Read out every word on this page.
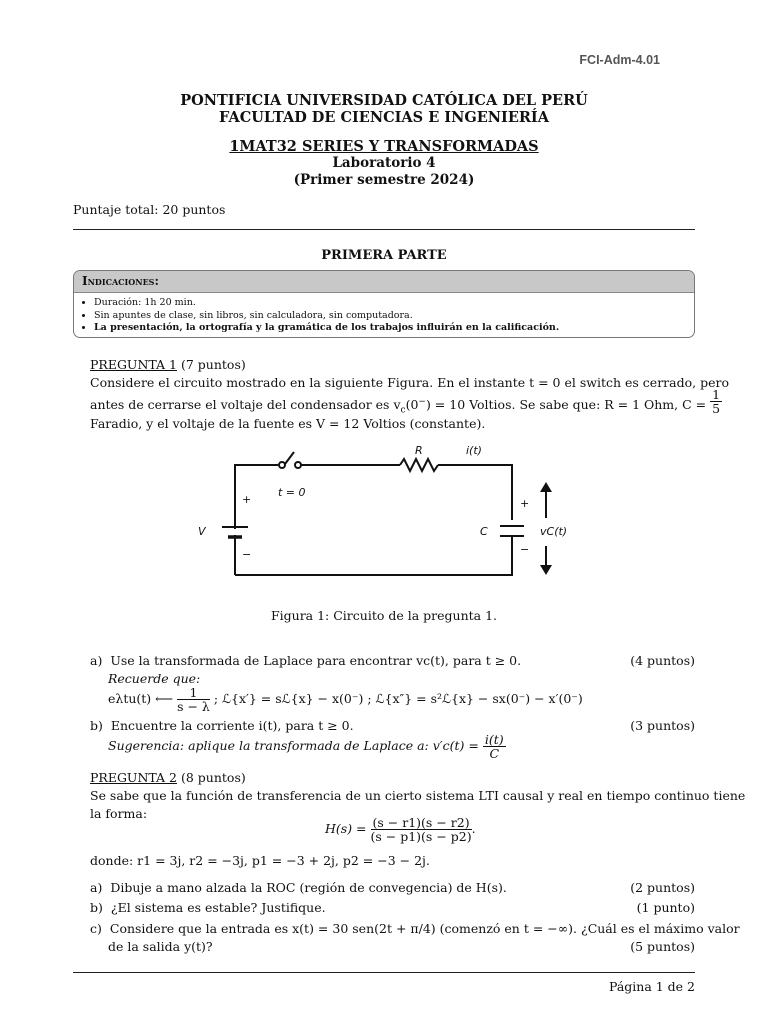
FCI-Adm-4.01
PONTIFICIA UNIVERSIDAD CATÓLICA DEL PERÚ
FACULTAD DE CIENCIAS E INGENIERÍA
1MAT32 SERIES Y TRANSFORMADAS
Laboratorio 4
(Primer semestre 2024)
Puntaje total: 20 puntos
PRIMERA PARTE
Indicaciones:
• Duración: 1h 20 min.
• Sin apuntes de clase, sin libros, sin calculadora, sin computadora.
• La presentación, la ortografía y la gramática de los trabajos influirán en la calificación.
PREGUNTA 1 (7 puntos)
Considere el circuito mostrado en la siguiente Figura. En el instante t = 0 el switch es cerrado, pero
antes de cerrarse el voltaje del condensador es $v_c(0^-) = 10$ Voltios. Se sabe que: R = 1 Ohm, $C = \frac{1}{5}$
Faradio, y el voltaje de la fuente es V = 12 Voltios (constante).
R	i(t)
t = 0
V	C	vC(t)
+
−
+
−
Figura 1: Circuito de la pregunta 1.
a) Use la transformada de Laplace para encontrar vc(t), para t ≥ 0.	(4 puntos)
Recuerde que:
eλtu(t) ⟵ $\frac{1}{s - \lambda}$ ; ℒ{x′} = sℒ{x} − x(0⁻) ; ℒ{x″} = s²ℒ{x} − sx(0⁻) − x′(0⁻)
b) Encuentre la corriente i(t), para t ≥ 0.	(3 puntos)
Sugerencia: aplique la transformada de Laplace a: $v'c(t) = \frac{i(t)}{C}$
PREGUNTA 2 (8 puntos)
Se sabe que la función de transferencia de un cierto sistema LTI causal y real en tiempo continuo tiene
la forma:
$H(s) = \frac{(s - r1)(s - r2)}{(s - p1)(s - p2)}$ .
donde: r1 = 3j, r2 = −3j, p1 = −3 + 2j, p2 = −3 − 2j.
a) Dibuje a mano alzada la ROC (región de convegencia) de H(s).	(2 puntos)
b) ¿El sistema es estable? Justifique.	(1 punto)
c) Considere que la entrada es x(t) = 30 sen(2t + π/4) (comenzó en t = −∞). ¿Cuál es el máximo valor
de la salida y(t)?	(5 puntos)
Página 1 de 2
